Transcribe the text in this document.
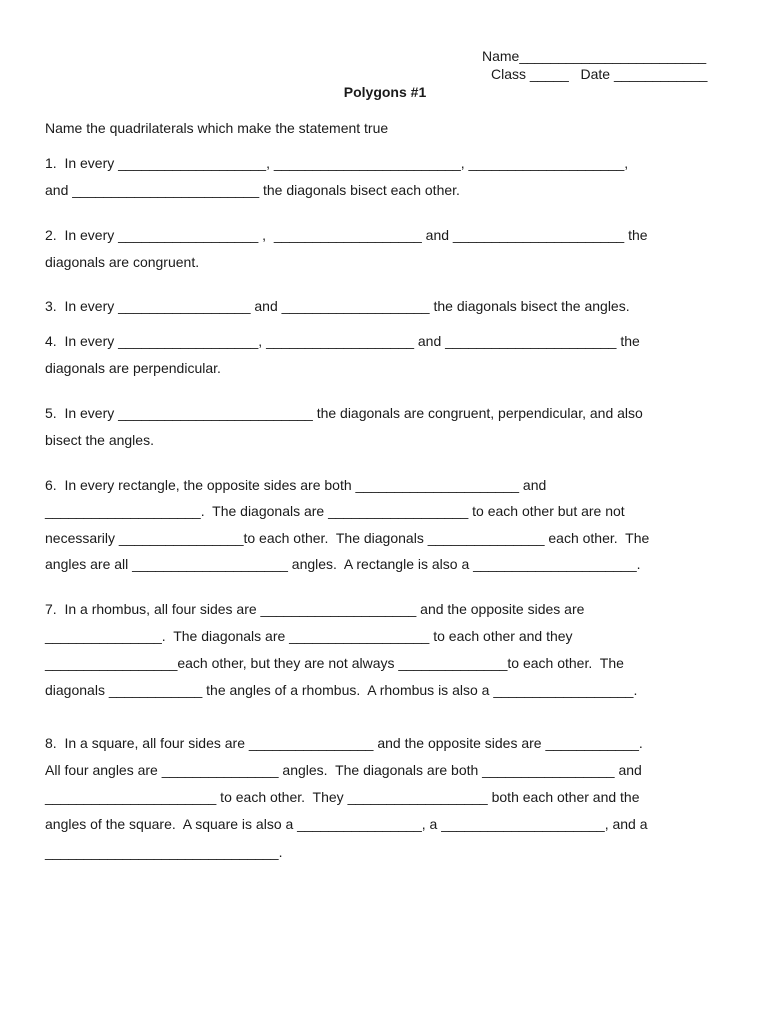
Name________________________
Class _____   Date ____________
Polygons #1
Name the quadrilaterals which make the statement true
1.  In every ___________________, ________________________, ____________________,
and ________________________ the diagonals bisect each other.
2.  In every __________________ ,  ___________________ and ______________________ the
diagonals are congruent.
3.  In every _________________ and ___________________ the diagonals bisect the angles.
4.  In every __________________, ___________________ and ______________________ the
diagonals are perpendicular.
5.  In every _________________________ the diagonals are congruent, perpendicular, and also
bisect the angles.
6.  In every rectangle, the opposite sides are both _____________________ and
____________________.  The diagonals are __________________ to each other but are not
necessarily ________________to each other.  The diagonals _______________ each other.  The
angles are all ____________________ angles.  A rectangle is also a _____________________.
7.  In a rhombus, all four sides are ____________________ and the opposite sides are
_______________.  The diagonals are __________________ to each other and they
_________________each other, but they are not always ______________to each other.  The
diagonals ____________ the angles of a rhombus.  A rhombus is also a __________________.
8.  In a square, all four sides are ________________ and the opposite sides are ____________.
All four angles are _______________ angles.  The diagonals are both _________________ and
______________________ to each other.  They __________________ both each other and the
angles of the square.  A square is also a ________________, a _____________________, and a
______________________________.
